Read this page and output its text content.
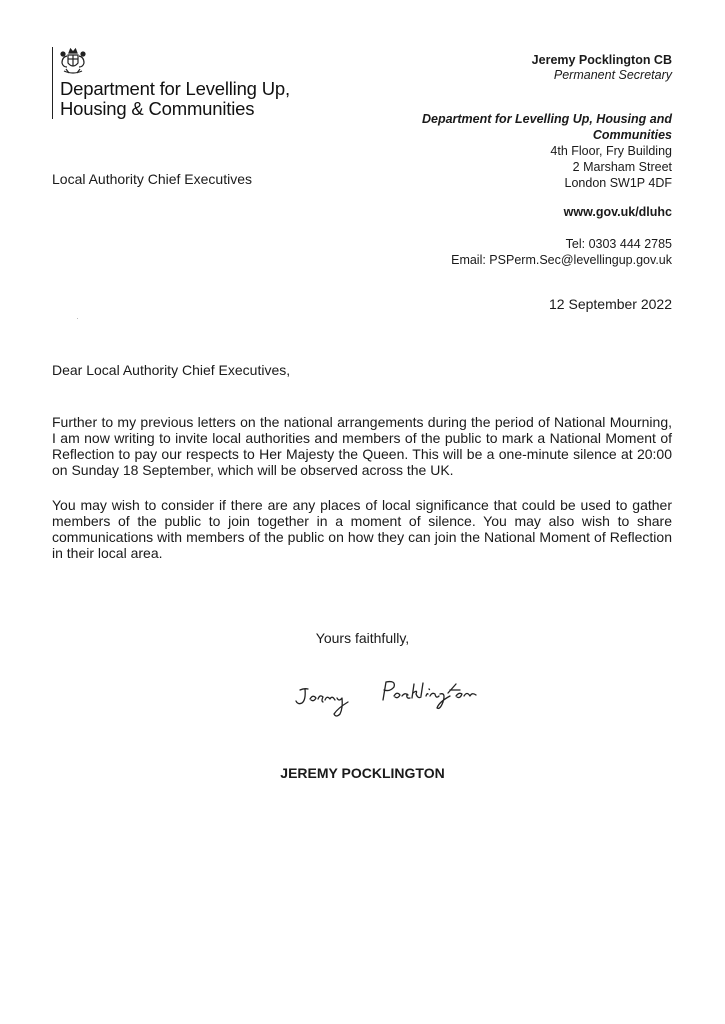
Department for Levelling Up,
Housing & Communities
Local Authority Chief Executives
Jeremy Pocklington CB
Permanent Secretary
Department for Levelling Up, Housing and
Communities
4th Floor, Fry Building
2 Marsham Street
London SW1P 4DF
www.gov.uk/dluhc
Tel: 0303 444 2785
Email: PSPerm.Sec@levellingup.gov.uk
12 September 2022
Dear Local Authority Chief Executives,
Further to my previous letters on the national arrangements during the period of National Mourning, I am now writing to invite local authorities and members of the public to mark a National Moment of Reflection to pay our respects to Her Majesty the Queen. This will be a one-minute silence at 20:00 on Sunday 18 September, which will be observed across the UK.
You may wish to consider if there are any places of local significance that could be used to gather members of the public to join together in a moment of silence. You may also wish to share communications with members of the public on how they can join the National Moment of Reflection in their local area.
Yours faithfully,
JEREMY POCKLINGTON
